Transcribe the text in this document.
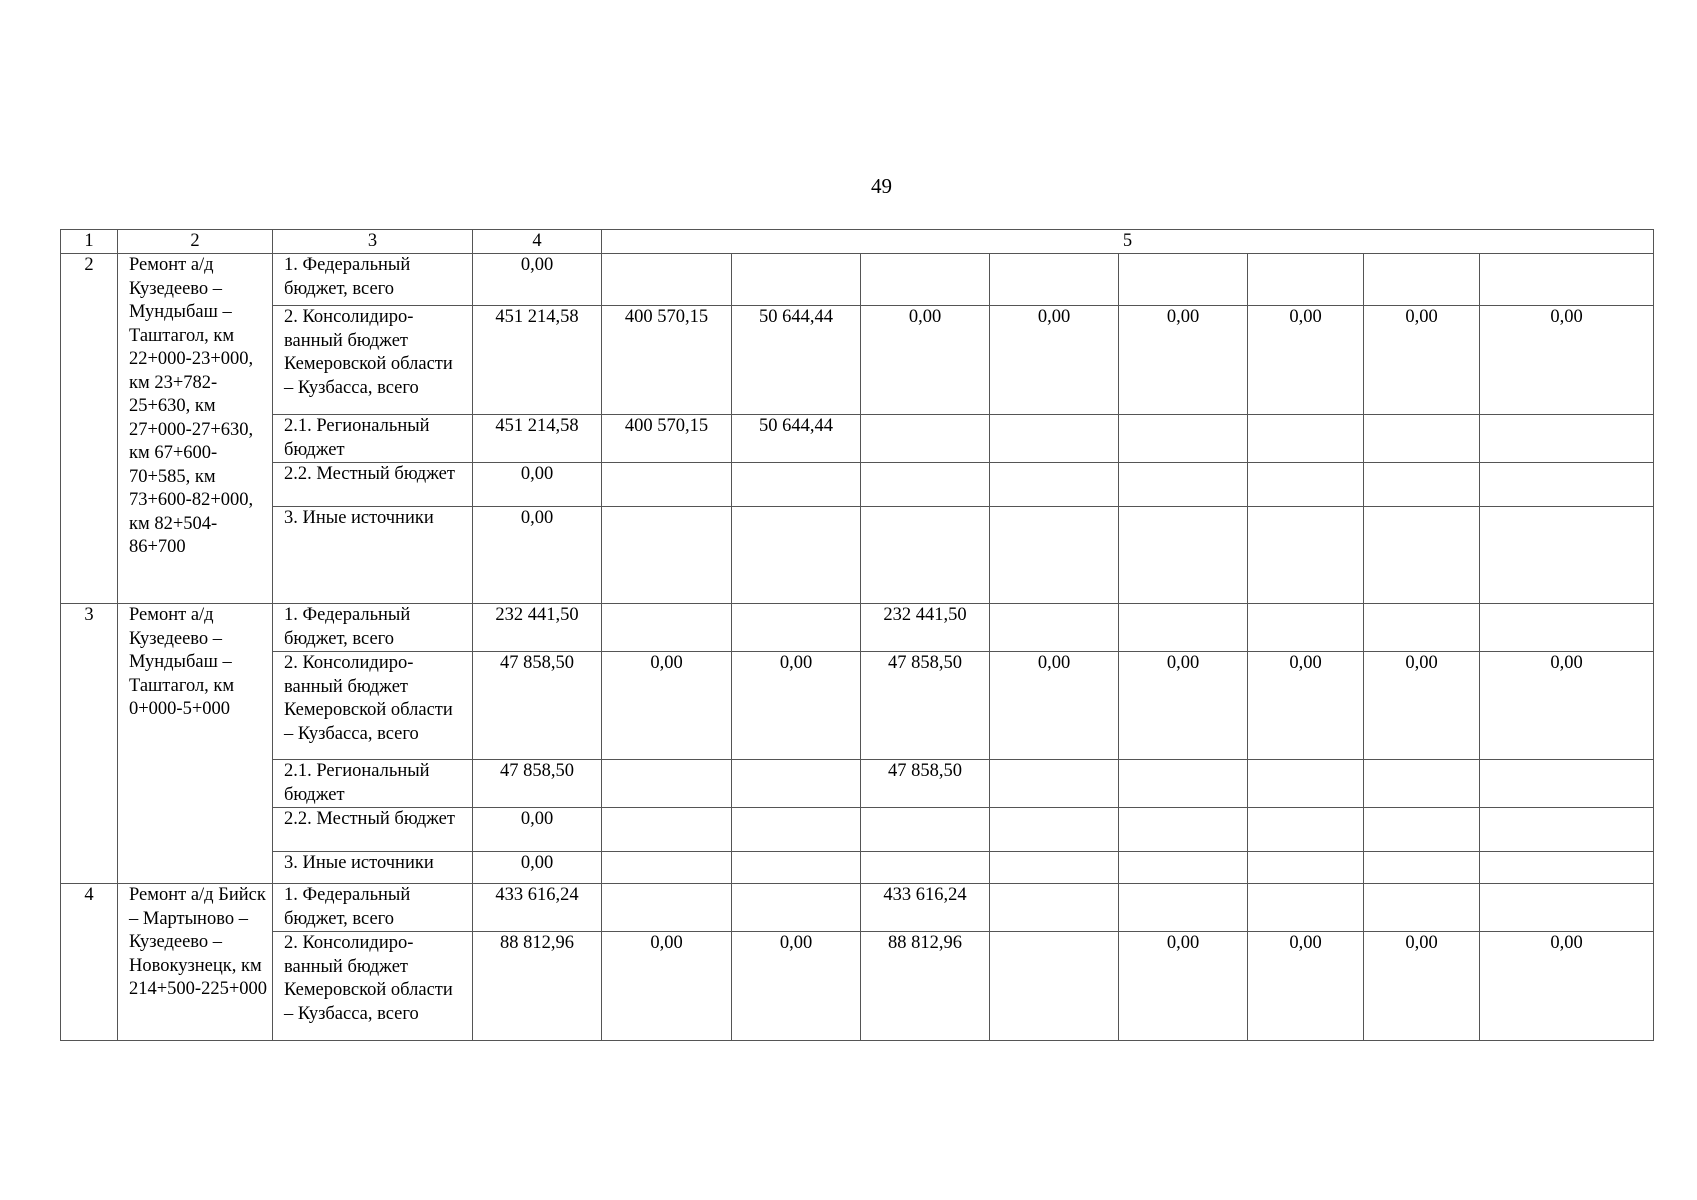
49
1	2	3	4	5							
2	Ремонт а/д Кузедеево – Мундыбаш – Таштагол, км 22+000-23+000, км 23+782-25+630, км 27+000-27+630, км 67+600-70+585, км 73+600-82+000, км 82+504-86+700	1. Федеральный бюджет, всего	0,00								
		2. Консолидиро-ванный бюджет Кемеровской области – Кузбасса, всего	451 214,58	400 570,15	50 644,44	0,00	0,00	0,00	0,00	0,00	0,00
		2.1. Региональный бюджет	451 214,58	400 570,15	50 644,44						
		2.2. Местный бюджет	0,00								
		3. Иные источники	0,00								
3	Ремонт а/д Кузедеево – Мундыбаш – Таштагол, км 0+000-5+000	1. Федеральный бюджет, всего	232 441,50			232 441,50					
		2. Консолидиро-ванный бюджет Кемеровской области – Кузбасса, всего	47 858,50	0,00	0,00	47 858,50	0,00	0,00	0,00	0,00	0,00
		2.1. Региональный бюджет	47 858,50			47 858,50					
		2.2. Местный бюджет	0,00								
		3. Иные источники	0,00								
4	Ремонт а/д Бийск – Мартыново – Кузедеево – Новокузнецк, км 214+500-225+000	1. Федеральный бюджет, всего	433 616,24			433 616,24					
		2. Консолидиро-ванный бюджет Кемеровской области – Кузбасса, всего	88 812,96	0,00	0,00	88 812,96		0,00	0,00	0,00	0,00
